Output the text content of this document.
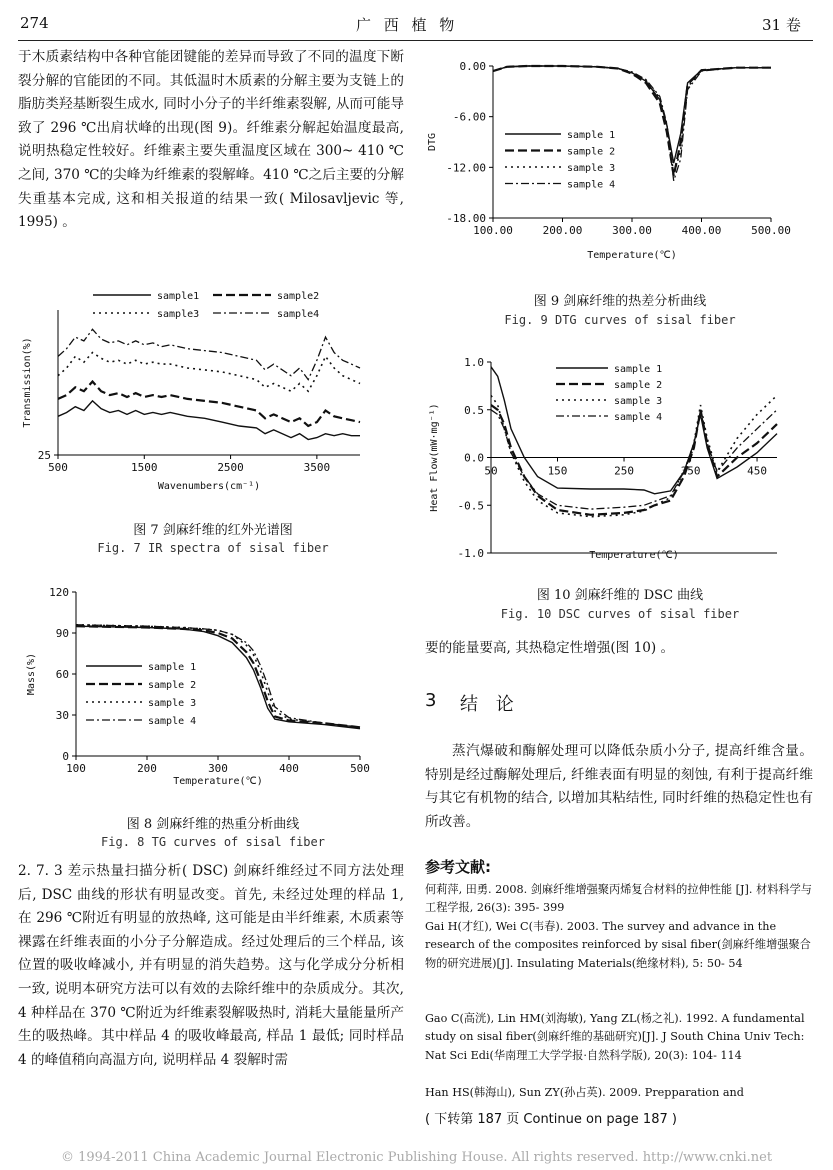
274	广 西 植 物	31 卷
于木质素结构中各种官能团键能的差异而导致了不同的温度下断裂分解的官能团的不同。其低温时木质素的分解主要为支链上的脂肪类羟基断裂生成水, 同时小分子的半纤维素裂解, 从而可能导致了 296 ℃出肩状峰的出现(图 9)。纤维素分解起始温度最高, 说明热稳定性较好。纤维素主要失重温度区域在 300~ 410 ℃之间, 370 ℃的尖峰为纤维素的裂解峰。410 ℃之后主要的分解失重基本完成, 这和相关报道的结果一致( Milosavljevic 等, 1995) 。
500	1500	2500	3500
25
Wavenumbers(cm⁻¹)
Transmission(%)
sample1	sample2
sample3	sample4
图 7 剑麻纤维的红外光谱图
Fig. 7 IR spectra of sisal fiber
100	200	300	400	500
0
30
60
90
120
Temperature(℃)
Mass(%)	sample 1
sample 2
sample 3
sample 4
图 8 剑麻纤维的热重分析曲线
Fig. 8 TG curves of sisal fiber
2. 7. 3 差示热量扫描分析( DSC) 剑麻纤维经过不同方法处理后, DSC 曲线的形状有明显改变。首先, 未经过处理的样品 1, 在 296 ℃附近有明显的放热峰, 这可能是由半纤维素, 木质素等裸露在纤维表面的小分子分解造成。经过处理后的三个样品, 该位置的吸收峰减小, 并有明显的消失趋势。这与化学成分分析相一致, 说明本研究方法可以有效的去除纤维中的杂质成分。其次, 4 种样品在 370 ℃附近为纤维素裂解吸热时, 消耗大量能量所产生的吸热峰。其中样品 4 的吸收峰最高, 样品 1 最低; 同时样品 4 的峰值稍向高温方向, 说明样品 4 裂解时需
100.00	200.00	300.00	400.00	500.00
0.00
-6.00
-12.00
-18.00
Temperature(℃)
DTG	sample 1
sample 2
sample 3
sample 4
图 9 剑麻纤维的热差分析曲线
Fig. 9 DTG curves of sisal fiber
50	150	250	350	450
1.0
0.5
0.0
-0.5
-1.0	Temperature(℃)
Heat Flow(mW·mg⁻¹)
sample 1
sample 2
sample 3
sample 4
图 10 剑麻纤维的 DSC 曲线
Fig. 10 DSC curves of sisal fiber
要的能量要高, 其热稳定性增强(图 10) 。
3 结 论
蒸汽爆破和酶解处理可以降低杂质小分子, 提高纤维含量。特别是经过酶解处理后, 纤维表面有明显的刻蚀, 有利于提高纤维与其它有机物的结合, 以增加其粘结性, 同时纤维的热稳定性也有所改善。
参考文献:
何莉萍, 田勇. 2008. 剑麻纤维增强聚丙烯复合材料的拉伸性能 [J]. 材料科学与工程学报, 26(3): 395- 399
Gai H(才红), Wei C(韦春). 2003. The survey and advance in the research of the composites reinforced by sisal fiber(剑麻纤维增强聚合物的研究进展)[J]. Insulating Materials(绝缘材料), 5: 50- 54
Gao C(高洸), Lin HM(刘海敏), Yang ZL(杨之礼). 1992. A fundamental study on sisal fiber(剑麻纤维的基础研究)[J]. J South China Univ Tech: Nat Sci Edi(华南理工大学学报·自然科学版), 20(3): 104- 114
Han HS(韩海山), Sun ZY(孙占英). 2009. Prepparation and
( 下转第 187 页 Continue on page 187 )
© 1994-2011 China Academic Journal Electronic Publishing House. All rights reserved. http://www.cnki.net
